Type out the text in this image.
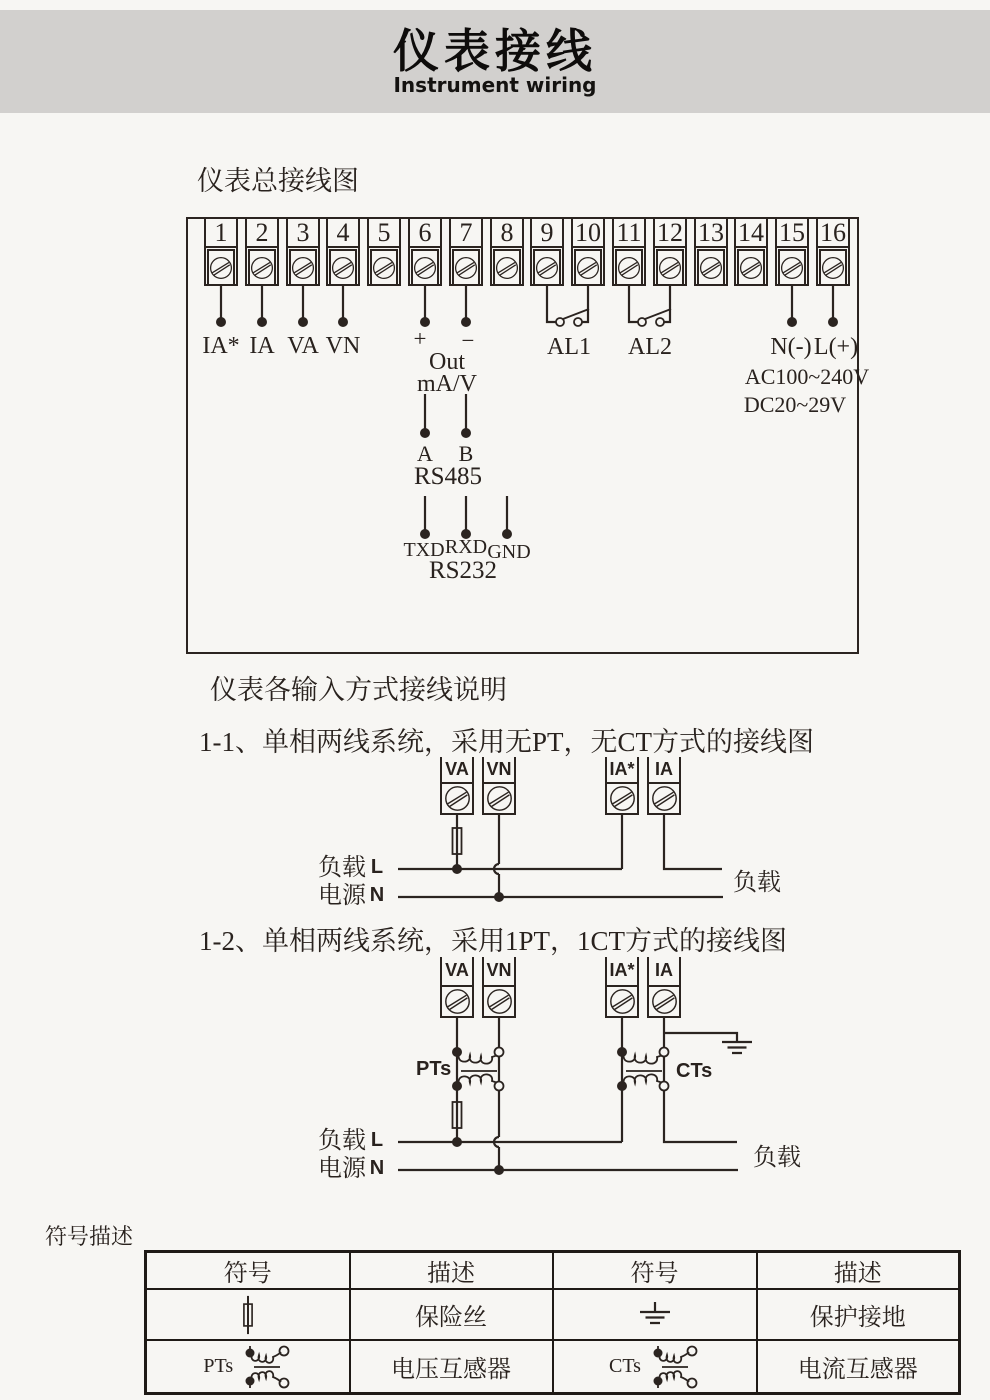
仪表接线
Instrument wiring
仪表总接线图
1	2	3	4	5	6	7	8	9 10 11 12 13 14 15 16
IA* IA VA VN + −
Out
mA/V
AL1 AL2	N(-) L(+)
AC100~240V
DC20~29V
A B
RS485
TXD RXD GND
RS232
仪表各输入方式接线说明
1-1、单相两线系统，采用无PT，无CT方式的接线图
VA VN	IA*	IA
负载 L
电源 N	负载
1-2、单相两线系统，采用1PT，1CT方式的接线图
VA VN	IA*	IA
PTs	CTs
负载 L
电源 N	负载
符号描述
符号	描述	符号	描述

	保险丝		保护接地

PTs	电压互感器	CTs	电流互感器
